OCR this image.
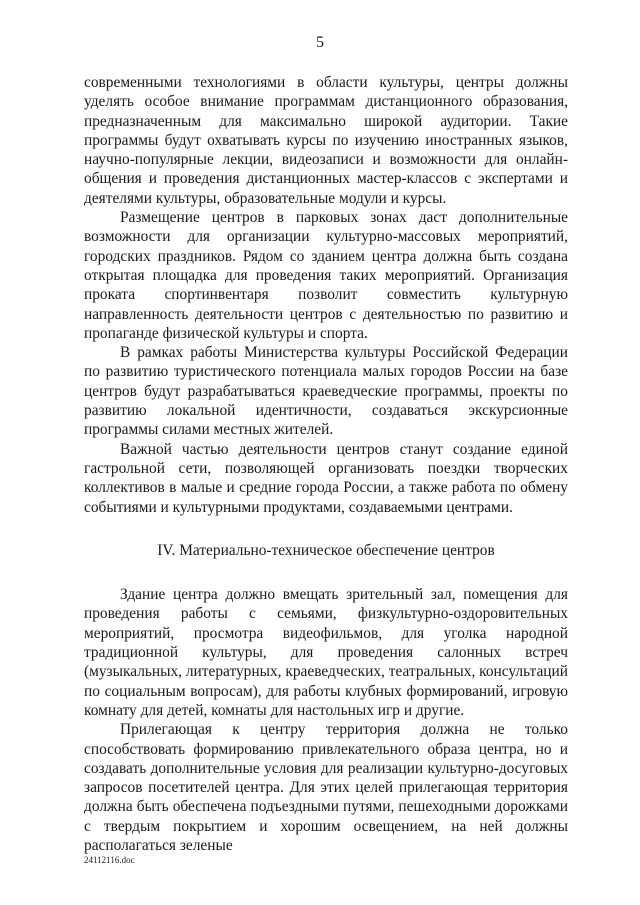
5

современными технологиями в области культуры, центры должны уделять особое внимание программам дистанционного образования, предназначенным для максимально широкой аудитории. Такие программы будут охватывать курсы по изучению иностранных языков, научно-популярные лекции, видеозаписи и возможности для онлайн-общения и проведения дистанционных мастер-классов с экспертами и деятелями культуры, образовательные модули и курсы.

Размещение центров в парковых зонах даст дополнительные возможности для организации культурно-массовых мероприятий, городских праздников. Рядом со зданием центра должна быть создана открытая площадка для проведения таких мероприятий. Организация проката спортинвентаря позволит совместить культурную направленность деятельности центров с деятельностью по развитию и пропаганде физической культуры и спорта.

В рамках работы Министерства культуры Российской Федерации по развитию туристического потенциала малых городов России на базе центров будут разрабатываться краеведческие программы, проекты по развитию локальной идентичности, создаваться экскурсионные программы силами местных жителей.

Важной частью деятельности центров станут создание единой гастрольной сети, позволяющей организовать поездки творческих коллективов в малые и средние города России, а также работа по обмену событиями и культурными продуктами, создаваемыми центрами.

IV. Материально-техническое обеспечение центров

Здание центра должно вмещать зрительный зал, помещения для проведения работы с семьями, физкультурно-оздоровительных мероприятий, просмотра видеофильмов, для уголка народной традиционной культуры, для проведения салонных встреч (музыкальных, литературных, краеведческих, театральных, консультаций по социальным вопросам), для работы клубных формирований, игровую комнату для детей, комнаты для настольных игр и другие.

Прилегающая к центру территория должна не только способствовать формированию привлекательного образа центра, но и создавать дополнительные условия для реализации культурно-досуговых запросов посетителей центра. Для этих целей прилегающая территория должна быть обеспечена подъездными путями, пешеходными дорожками с твердым покрытием и хорошим освещением, на ней должны располагаться зеленые

24112116.doc
